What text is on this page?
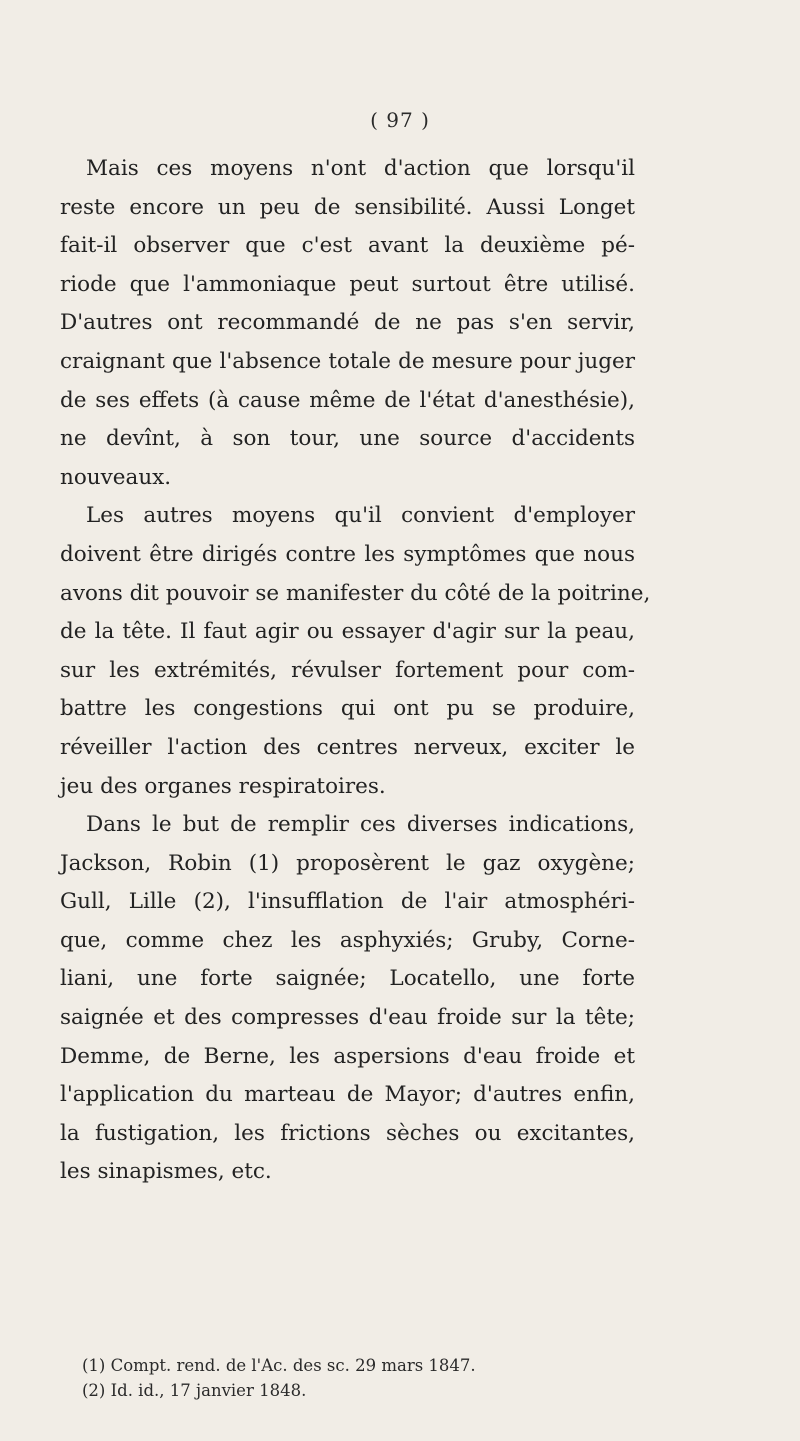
( 97 )
Mais ces moyens n'ont d'action que lorsqu'il
reste encore un peu de sensibilité. Aussi Longet
fait-il observer que c'est avant la deuxième pé-
riode que l'ammoniaque peut surtout être utilisé.
D'autres ont recommandé de ne pas s'en servir,
craignant que l'absence totale de mesure pour juger
de ses effets (à cause même de l'état d'anesthésie),
ne devînt, à son tour, une source d'accidents
nouveaux.
Les autres moyens qu'il convient d'employer
doivent être dirigés contre les symptômes que nous
avons dit pouvoir se manifester du côté de la poitrine,
de la tête. Il faut agir ou essayer d'agir sur la peau,
sur les extrémités, révulser fortement pour com-
battre les congestions qui ont pu se produire,
réveiller l'action des centres nerveux, exciter le
jeu des organes respiratoires.
Dans le but de remplir ces diverses indications,
Jackson, Robin (1) proposèrent le gaz oxygène;
Gull, Lille (2), l'insufflation de l'air atmosphéri-
que, comme chez les asphyxiés; Gruby, Corne-
liani, une forte saignée; Locatello, une forte
saignée et des compresses d'eau froide sur la tête;
Demme, de Berne, les aspersions d'eau froide et
l'application du marteau de Mayor; d'autres enfin,
la fustigation, les frictions sèches ou excitantes,
les sinapismes, etc.
(1) Compt. rend. de l'Ac. des sc. 29 mars 1847.
(2) Id. id., 17 janvier 1848.
